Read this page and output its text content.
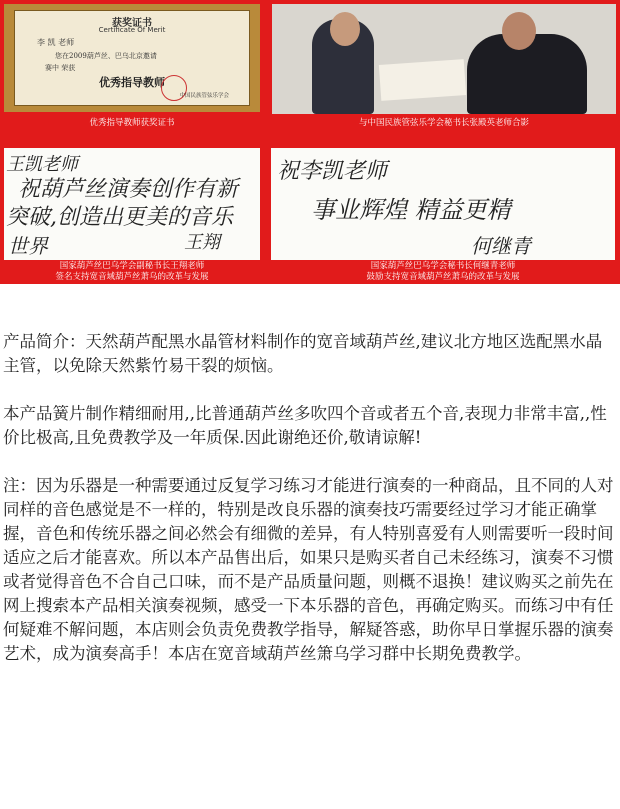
获奖证书
Certificate Of Merit
李 凯 老师
您在2009葫芦丝、巴乌北京邀请
赛中 荣获
优秀指导教师
中国民族管弦乐学会
优秀指导教师获奖证书	与中国民族管弦乐学会秘书长张殿英老师合影
王凯老师
祝葫芦丝演奏创作有新
突破,创造出更美的音乐
世界	王翔
国家葫芦丝巴乌学会副秘书长王翔老师
签名支持宽音域葫芦丝萧乌的改革与发展
祝李凯老师
事业辉煌 精益更精
何继青
国家葫芦丝巴乌学会秘书长何继青老师
鼓励支持宽音域葫芦丝萧乌的改革与发展
产品简介：天然葫芦配黑水晶管材料制作的宽音域葫芦丝,建议北方地区选配黑水晶主管，以免除天然紫竹易干裂的烦恼。
本产品簧片制作精细耐用,,比普通葫芦丝多吹四个音或者五个音,表现力非常丰富,,性价比极高,且免费教学及一年质保.因此谢绝还价,敬请谅解!
注：因为乐器是一种需要通过反复学习练习才能进行演奏的一种商品，且不同的人对同样的音色感觉是不一样的，特别是改良乐器的演奏技巧需要经过学习才能正确掌握，音色和传统乐器之间必然会有细微的差异，有人特别喜爱有人则需要听一段时间适应之后才能喜欢。所以本产品售出后，如果只是购买者自己未经练习，演奏不习惯或者觉得音色不合自己口味，而不是产品质量问题，则概不退换！建议购买之前先在网上搜索本产品相关演奏视频，感受一下本乐器的音色，再确定购买。而练习中有任何疑难不解问题，本店则会负责免费教学指导，解疑答惑，助你早日掌握乐器的演奏艺术，成为演奏高手！本店在宽音域葫芦丝箫乌学习群中长期免费教学。
